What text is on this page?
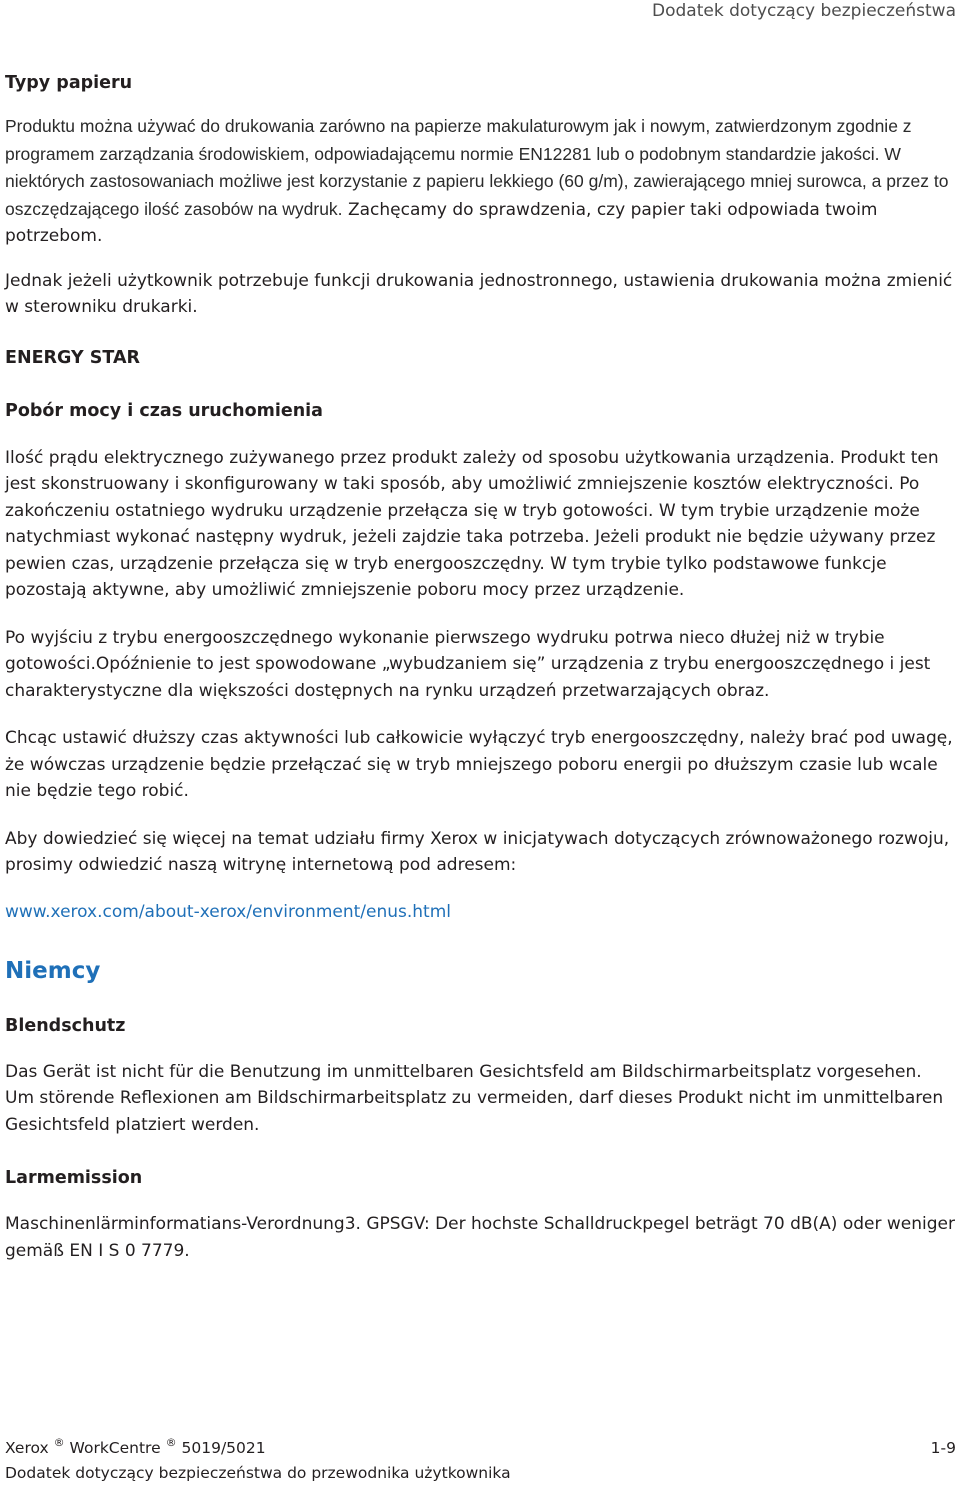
Dodatek dotyczący bezpieczeństwa
Typy papieru

Produktu można używać do drukowania zarówno na papierze makulaturowym jak i nowym, zatwierdzonym zgodnie z programem zarządzania środowiskiem, odpowiadającemu normie EN12281 lub o podobnym standardzie jakości. W niektórych zastosowaniach możliwe jest korzystanie z papieru lekkiego (60 g/m), zawierającego mniej surowca, a przez to oszczędzającego ilość zasobów na wydruk. Zachęcamy do sprawdzenia, czy papier taki odpowiada twoim potrzebom.

Jednak jeżeli użytkownik potrzebuje funkcji drukowania jednostronnego, ustawienia drukowania można zmienić w sterowniku drukarki.

ENERGY STAR
Pobór mocy i czas uruchomienia

Ilość prądu elektrycznego zużywanego przez produkt zależy od sposobu użytkowania urządzenia. Produkt ten jest skonstruowany i skonfigurowany w taki sposób, aby umożliwić zmniejszenie kosztów elektryczności. Po zakończeniu ostatniego wydruku urządzenie przełącza się w tryb gotowości. W tym trybie urządzenie może natychmiast wykonać następny wydruk, jeżeli zajdzie taka potrzeba. Jeżeli produkt nie będzie używany przez pewien czas, urządzenie przełącza się w tryb energooszczędny. W tym trybie tylko podstawowe funkcje pozostają aktywne, aby umożliwić zmniejszenie poboru mocy przez urządzenie.

Po wyjściu z trybu energooszczędnego wykonanie pierwszego wydruku potrwa nieco dłużej niż w trybie gotowości.Opóźnienie to jest spowodowane „wybudzaniem się” urządzenia z trybu energooszczędnego i jest charakterystyczne dla większości dostępnych na rynku urządzeń przetwarzających obraz.

Chcąc ustawić dłuższy czas aktywności lub całkowicie wyłączyć tryb energooszczędny, należy brać pod uwagę, że wówczas urządzenie będzie przełączać się w tryb mniejszego poboru energii po dłuższym czasie lub wcale nie będzie tego robić.

Aby dowiedzieć się więcej na temat udziału firmy Xerox w inicjatywach dotyczących zrównoważonego rozwoju, prosimy odwiedzić naszą witrynę internetową pod adresem:

www.xerox.com/about-xerox/environment/enus.html
Niemcy
Blendschutz

Das Gerät ist nicht für die Benutzung im unmittelbaren Gesichtsfeld am Bildschirmarbeitsplatz vorgesehen. Um störende Reflexionen am Bildschirmarbeitsplatz zu vermeiden, darf dieses Produkt nicht im unmittelbaren Gesichtsfeld platziert werden.

Larmemission

Maschinenlärminformatians-Verordnung3. GPSGV: Der hochste Schalldruckpegel beträgt 70 dB(A) oder weniger gemäß EN I S 0 7779.

Xerox ® WorkCentre ® 5019/5021
Dodatek dotyczący bezpieczeństwa do przewodnika użytkownika
1-9
